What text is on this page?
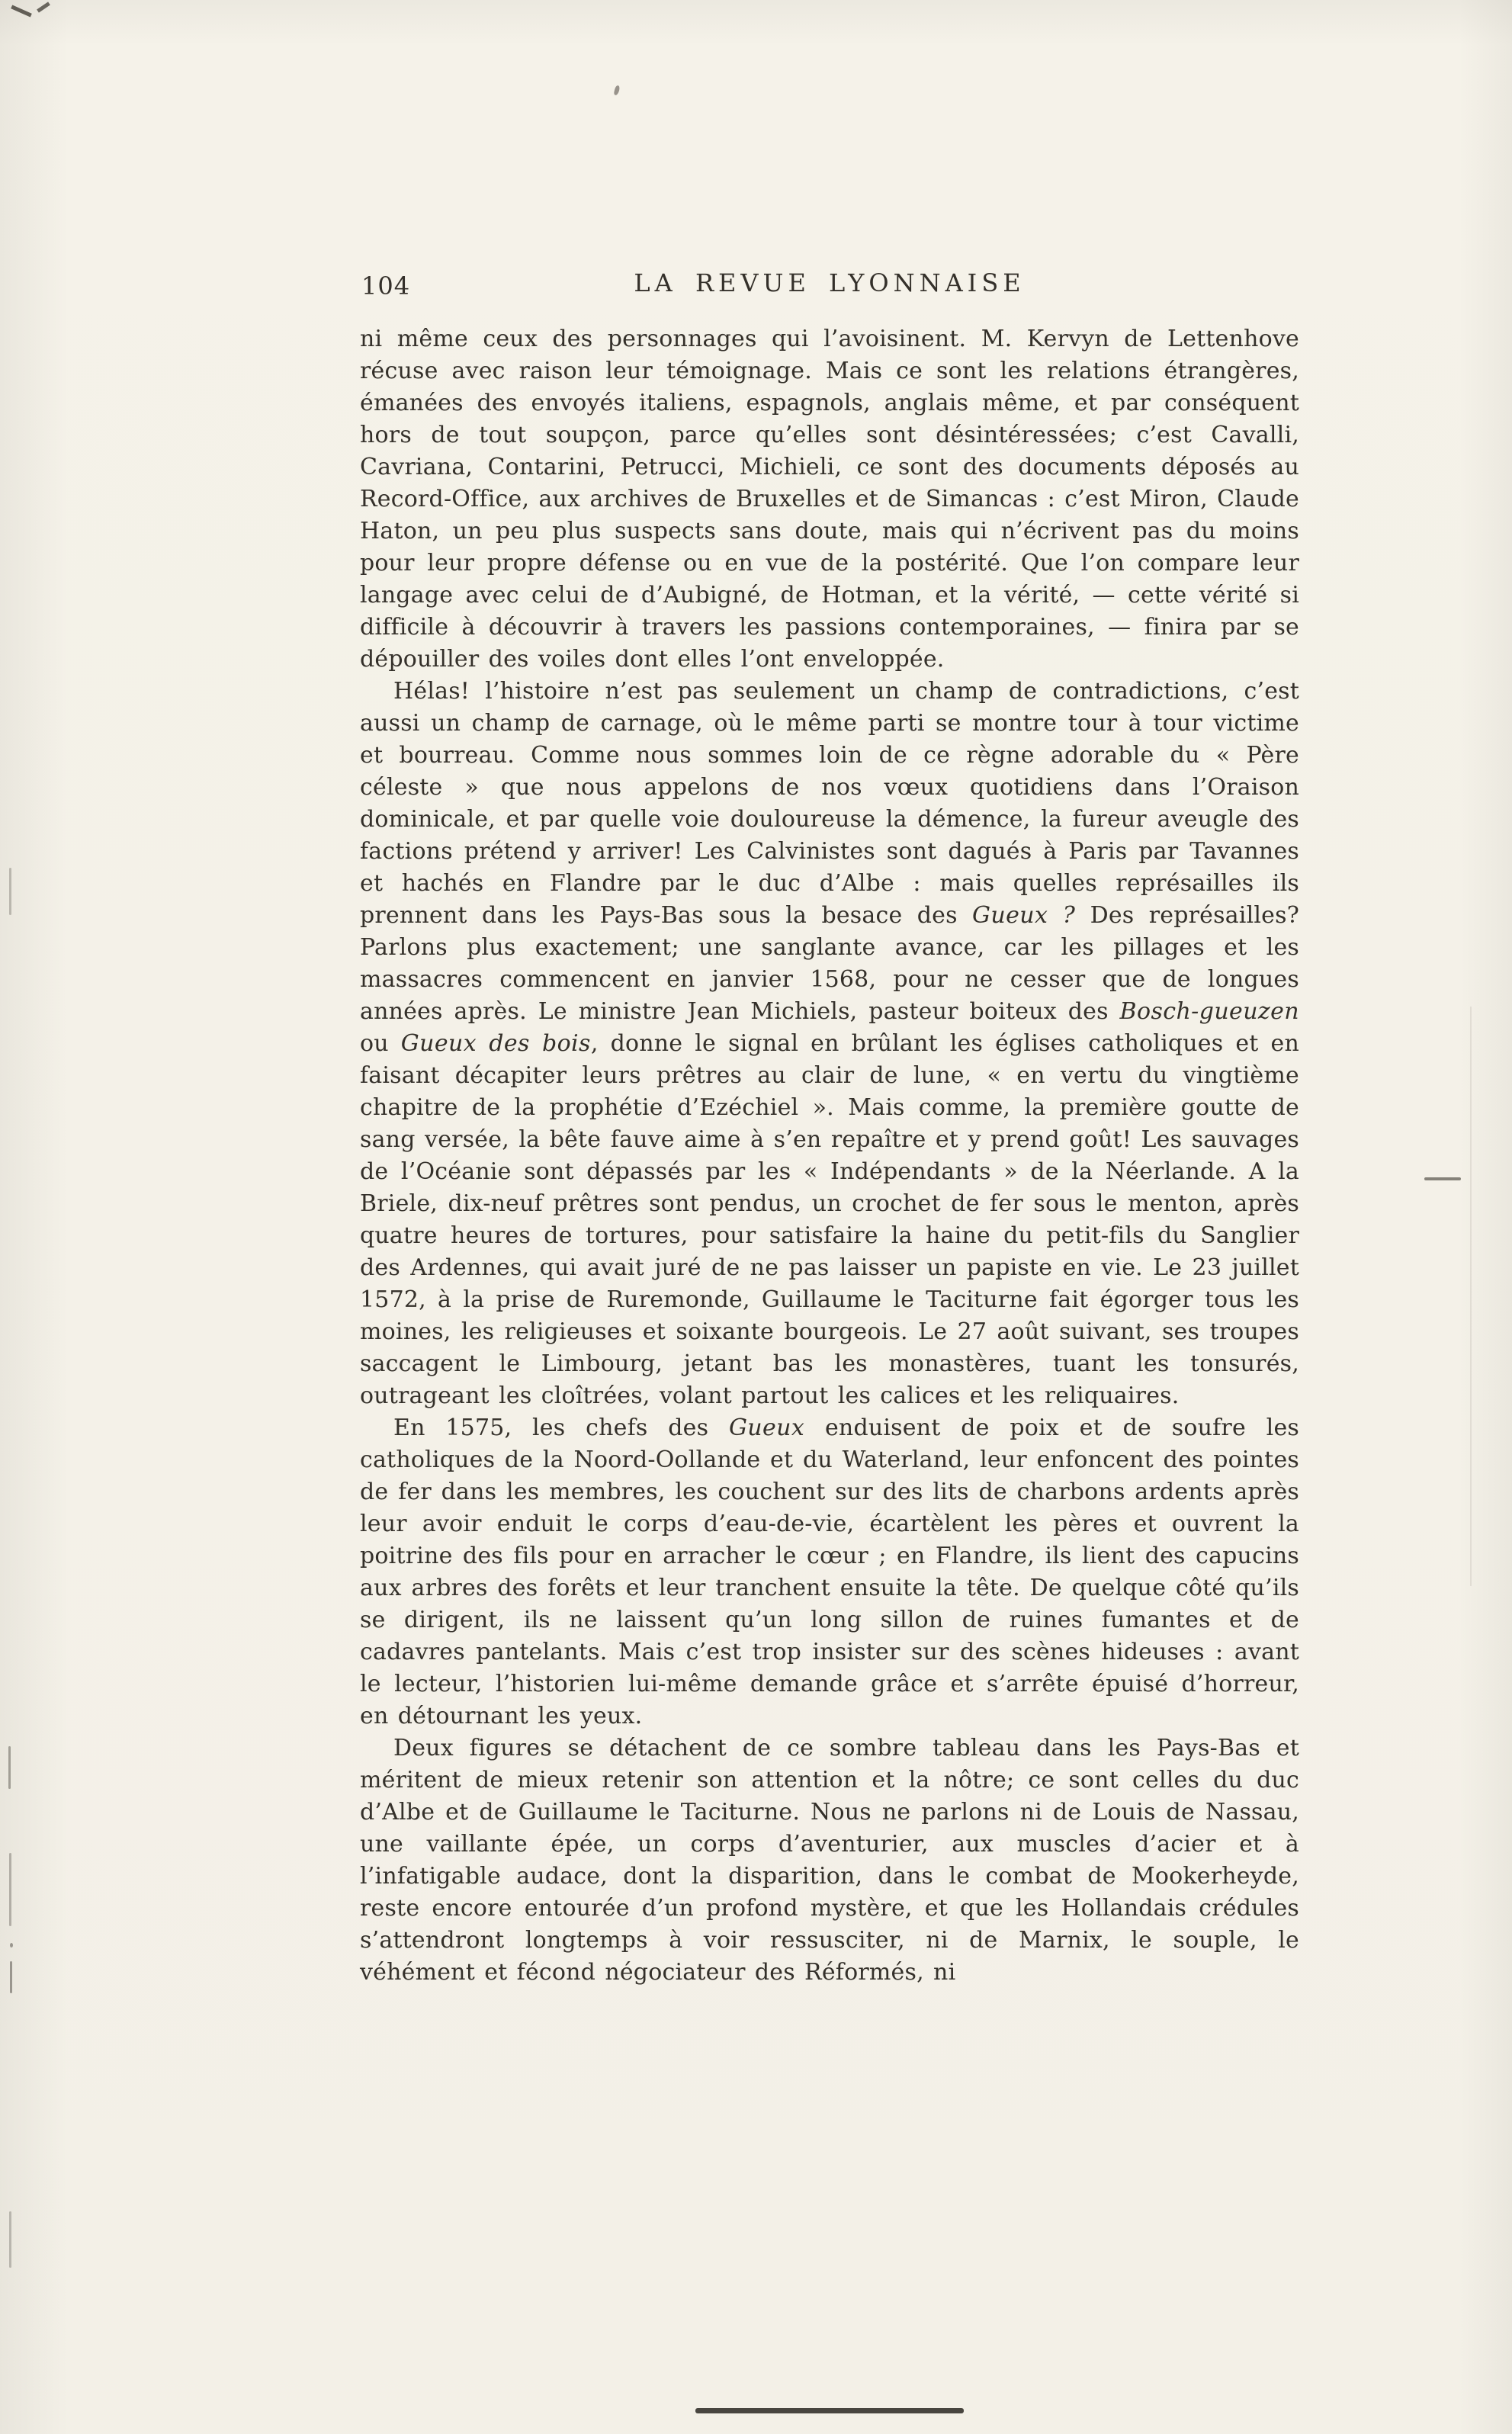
104	LA REVUE LYONNAISE

ni même ceux des personnages qui l’avoisinent. M. Kervyn de Lettenhove récuse avec raison leur témoignage. Mais ce sont les relations étrangères, émanées des envoyés italiens, espagnols, anglais même, et par conséquent hors de tout soupçon, parce qu’elles sont désintéressées; c’est Cavalli, Cavriana, Contarini, Petrucci, Michieli, ce sont des documents déposés au Record-Office, aux archives de Bruxelles et de Simancas : c’est Miron, Claude Haton, un peu plus suspects sans doute, mais qui n’écrivent pas du moins pour leur propre défense ou en vue de la postérité. Que l’on compare leur langage avec celui de d’Aubigné, de Hotman, et la vérité, — cette vérité si difficile à découvrir à travers les passions contemporaines, — finira par se dépouiller des voiles dont elles l’ont enveloppée.

Hélas! l’histoire n’est pas seulement un champ de contradictions, c’est aussi un champ de carnage, où le même parti se montre tour à tour victime et bourreau. Comme nous sommes loin de ce règne adorable du « Père céleste » que nous appelons de nos vœux quotidiens dans l’Oraison dominicale, et par quelle voie douloureuse la démence, la fureur aveugle des factions prétend y arriver! Les Calvinistes sont dagués à Paris par Tavannes et hachés en Flandre par le duc d’Albe : mais quelles représailles ils prennent dans les Pays-Bas sous la besace des Gueux ? Des représailles? Parlons plus exactement; une sanglante avance, car les pillages et les massacres commencent en janvier 1568, pour ne cesser que de longues années après. Le ministre Jean Michiels, pasteur boiteux des Bosch-gueuzen ou Gueux des bois, donne le signal en brûlant les églises catholiques et en faisant décapiter leurs prêtres au clair de lune, « en vertu du vingtième chapitre de la prophétie d’Ezéchiel ». Mais comme, la première goutte de sang versée, la bête fauve aime à s’en repaître et y prend goût! Les sauvages de l’Océanie sont dépassés par les « Indépendants » de la Néerlande. A la Briele, dix-neuf prêtres sont pendus, un crochet de fer sous le menton, après quatre heures de tortures, pour satisfaire la haine du petit-fils du Sanglier des Ardennes, qui avait juré de ne pas laisser un papiste en vie. Le 23 juillet 1572, à la prise de Ruremonde, Guillaume le Taciturne fait égorger tous les moines, les religieuses et soixante bourgeois. Le 27 août suivant, ses troupes saccagent le Limbourg, jetant bas les monastères, tuant les tonsurés, outrageant les cloîtrées, volant partout les calices et les reliquaires.

En 1575, les chefs des Gueux enduisent de poix et de soufre les catholiques de la Noord-Oollande et du Waterland, leur enfoncent des pointes de fer dans les membres, les couchent sur des lits de charbons ardents après leur avoir enduit le corps d’eau-de-vie, écartèlent les pères et ouvrent la poitrine des fils pour en arracher le cœur ; en Flandre, ils lient des capucins aux arbres des forêts et leur tranchent ensuite la tête. De quelque côté qu’ils se dirigent, ils ne laissent qu’un long sillon de ruines fumantes et de cadavres pantelants. Mais c’est trop insister sur des scènes hideuses : avant le lecteur, l’historien lui-même demande grâce et s’arrête épuisé d’horreur, en détournant les yeux.

Deux figures se détachent de ce sombre tableau dans les Pays-Bas et méritent de mieux retenir son attention et la nôtre; ce sont celles du duc d’Albe et de Guillaume le Taciturne. Nous ne parlons ni de Louis de Nassau, une vaillante épée, un corps d’aventurier, aux muscles d’acier et à l’infatigable audace, dont la disparition, dans le combat de Mookerheyde, reste encore entourée d’un profond mystère, et que les Hollandais crédules s’attendront longtemps à voir ressusciter, ni de Marnix, le souple, le véhément et fécond négociateur des Réformés, ni
